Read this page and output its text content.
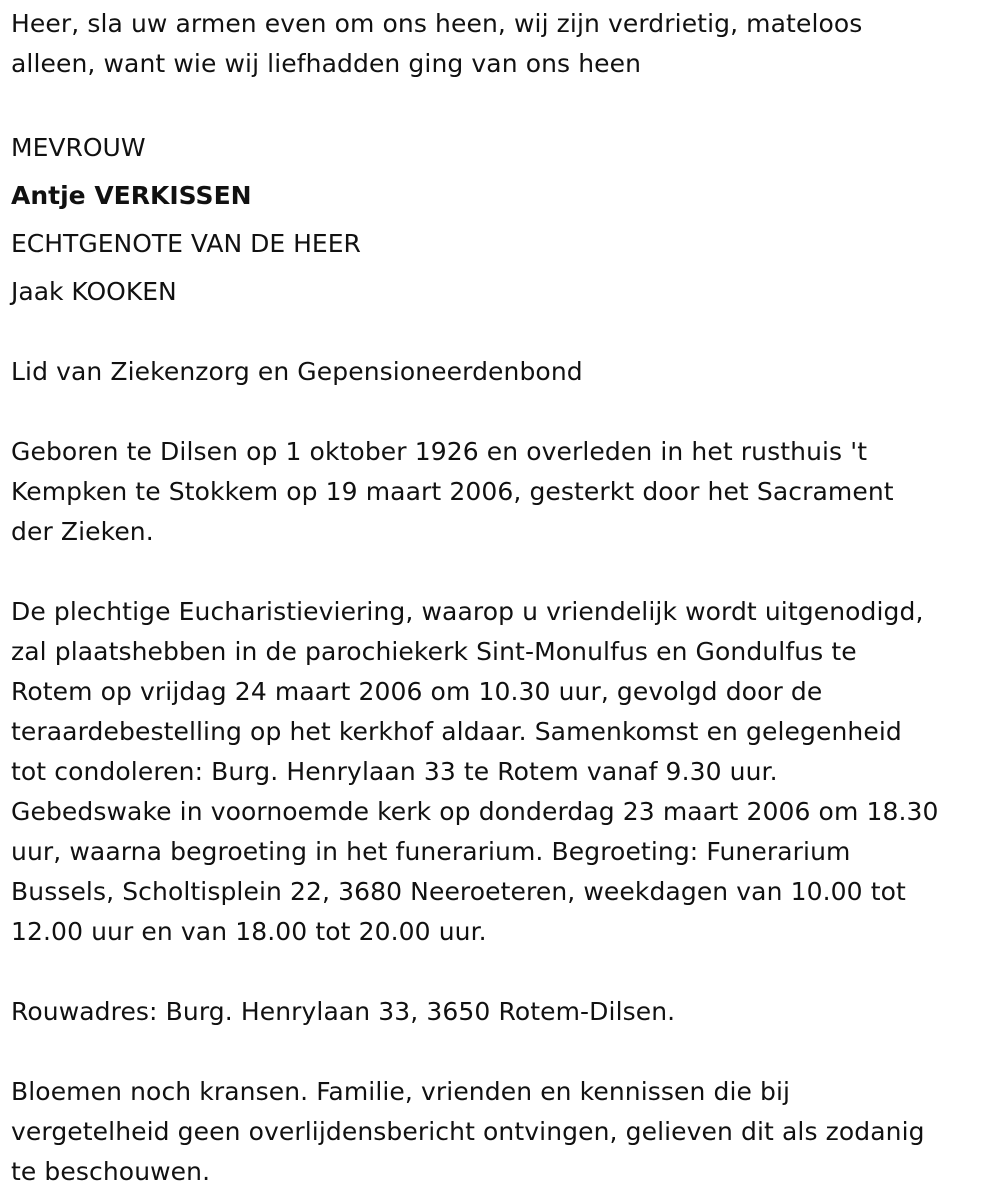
Heer, sla uw armen even om ons heen, wij zijn verdrietig, mateloos
alleen, want wie wij liefhadden ging van ons heen

MEVROUW

Antje VERKISSEN

ECHTGENOTE VAN DE HEER

Jaak KOOKEN

Lid van Ziekenzorg en Gepensioneerdenbond

Geboren te Dilsen op 1 oktober 1926 en overleden in het rusthuis 't
Kempken te Stokkem op 19 maart 2006, gesterkt door het Sacrament
der Zieken.

De plechtige Eucharistieviering, waarop u vriendelijk wordt uitgenodigd,
zal plaatshebben in de parochiekerk Sint-Monulfus en Gondulfus te
Rotem op vrijdag 24 maart 2006 om 10.30 uur, gevolgd door de
teraardebestelling op het kerkhof aldaar. Samenkomst en gelegenheid
tot condoleren: Burg. Henrylaan 33 te Rotem vanaf 9.30 uur.
Gebedswake in voornoemde kerk op donderdag 23 maart 2006 om 18.30
uur, waarna begroeting in het funerarium. Begroeting: Funerarium
Bussels, Scholtisplein 22, 3680 Neeroeteren, weekdagen van 10.00 tot
12.00 uur en van 18.00 tot 20.00 uur.

Rouwadres: Burg. Henrylaan 33, 3650 Rotem-Dilsen.

Bloemen noch kransen. Familie, vrienden en kennissen die bij
vergetelheid geen overlijdensbericht ontvingen, gelieven dit als zodanig
te beschouwen.
